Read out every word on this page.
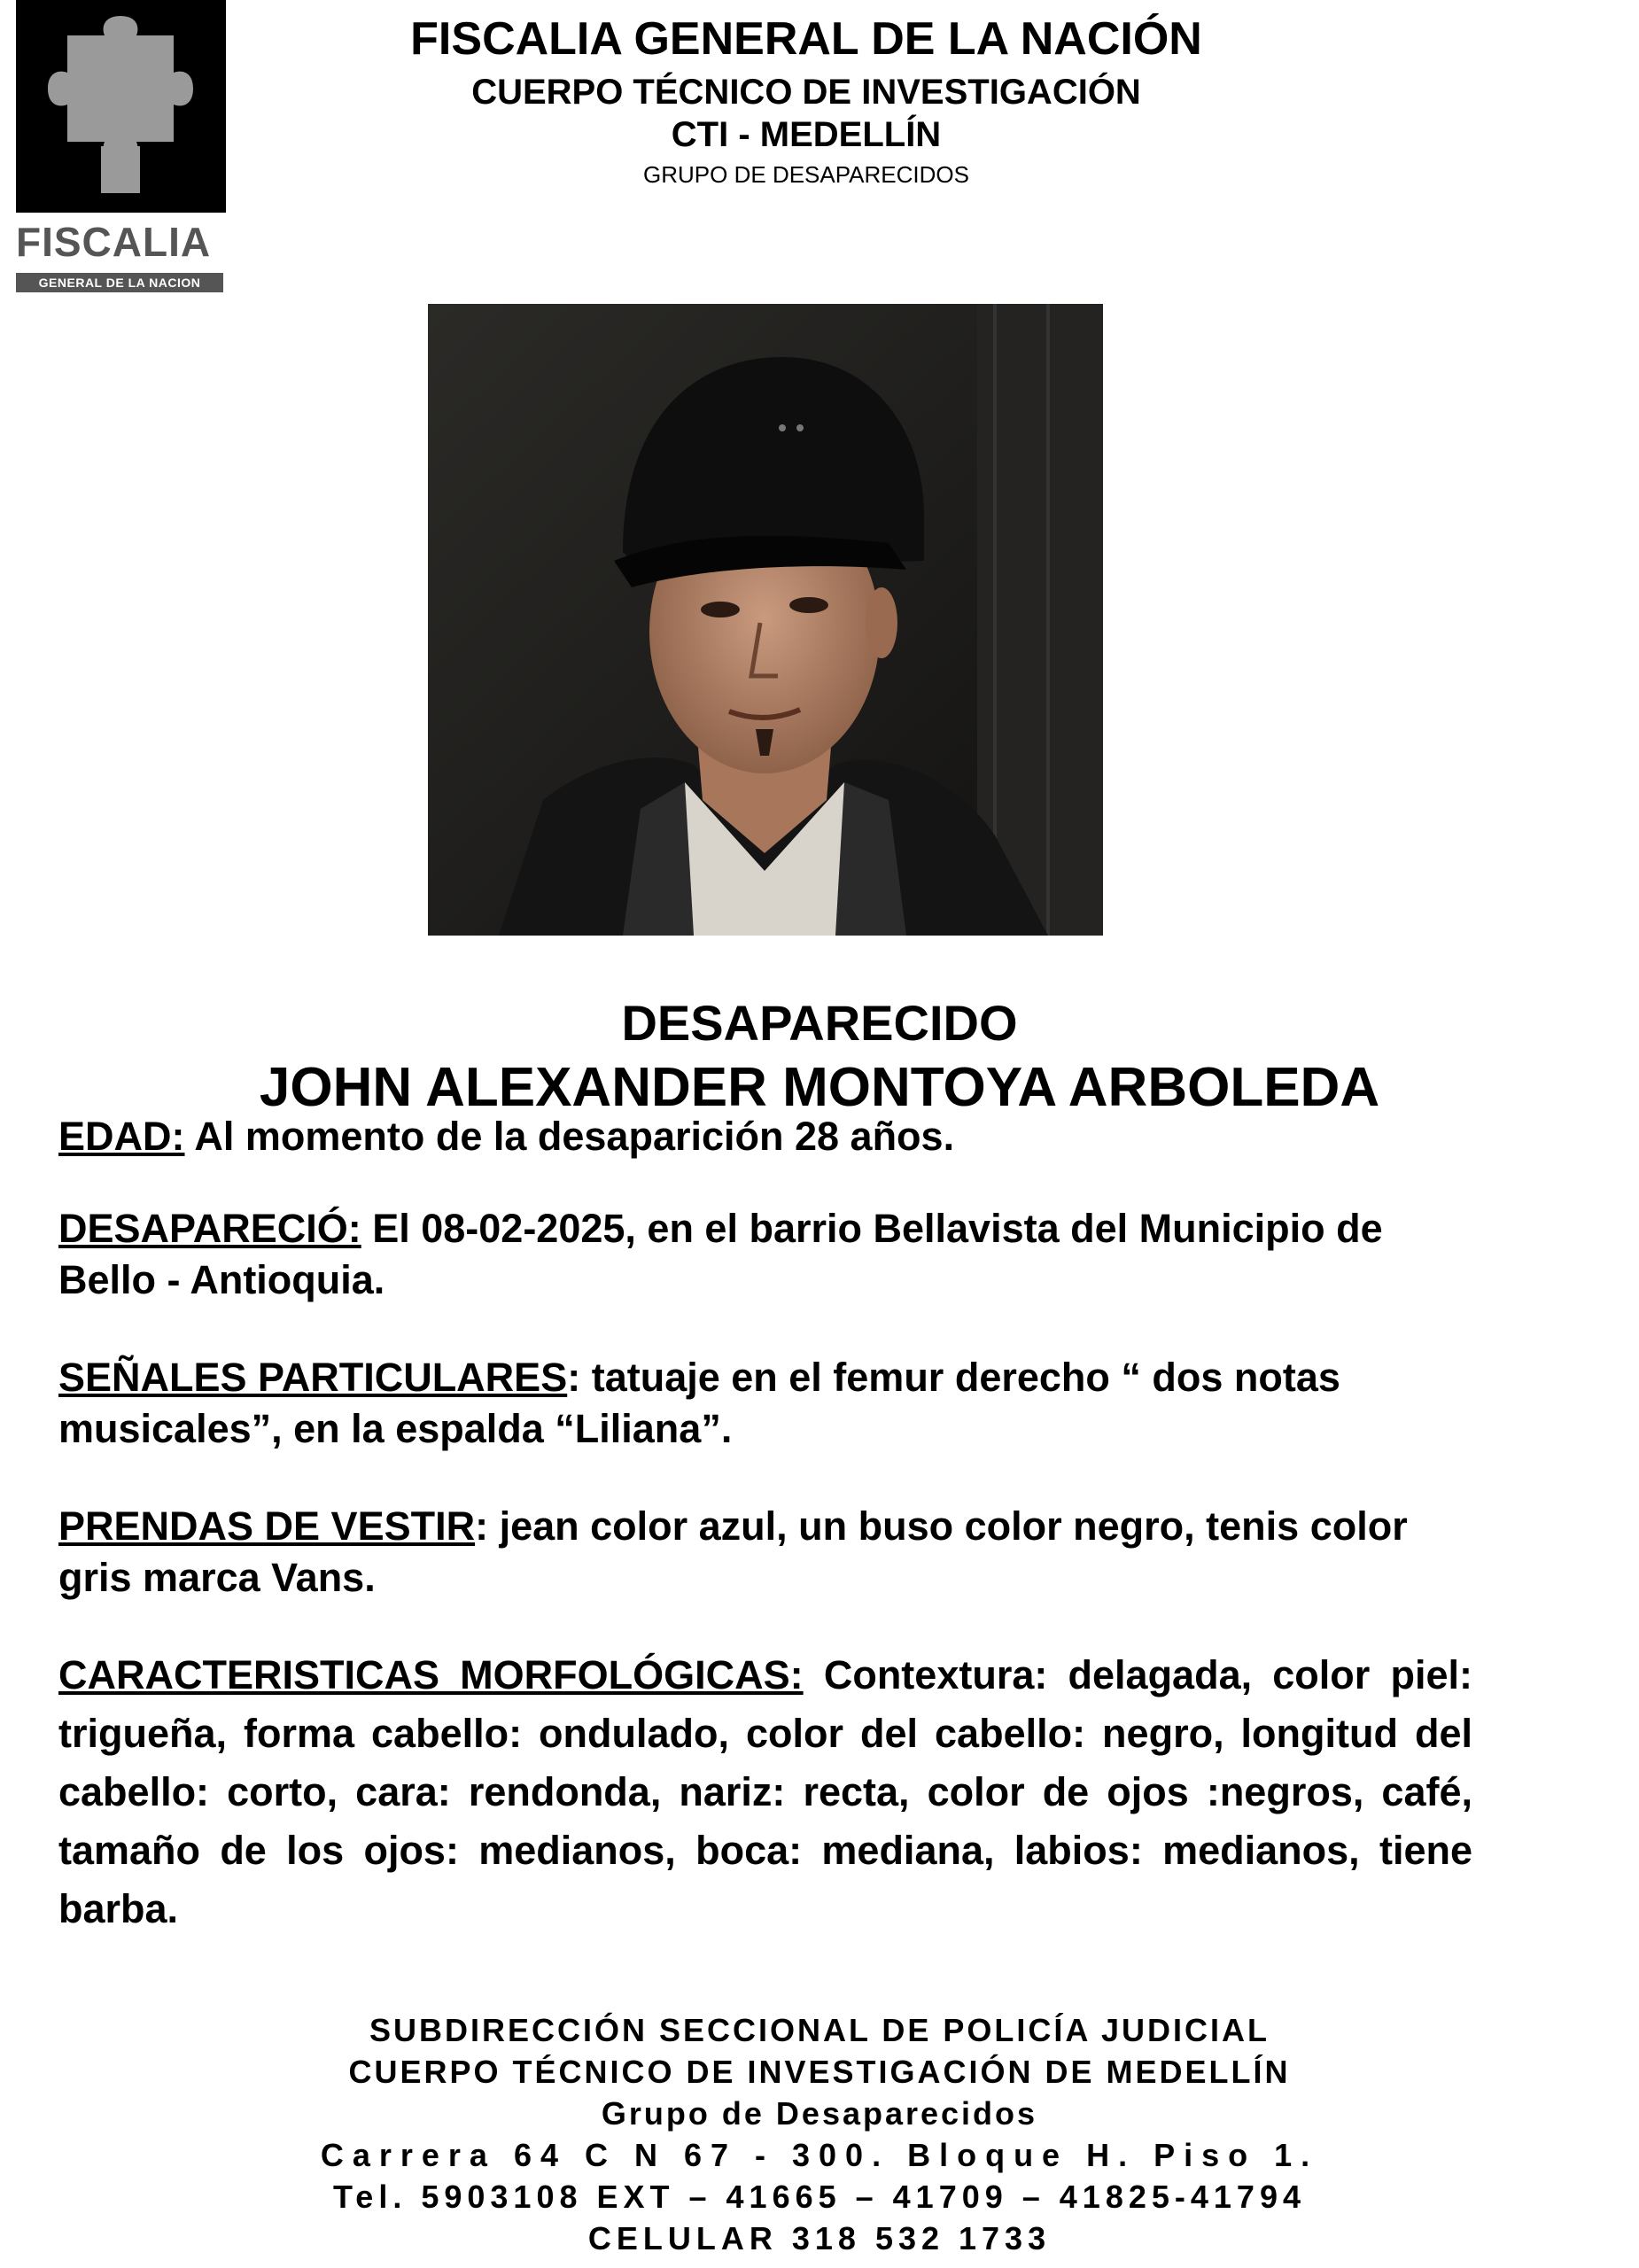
FISCALIA
GENERAL DE LA NACION
FISCALIA GENERAL DE LA NACIÓN
CUERPO TÉCNICO DE INVESTIGACIÓN
CTI - MEDELLÍN
GRUPO DE DESAPARECIDOS
DESAPARECIDO
JOHN ALEXANDER MONTOYA ARBOLEDA
EDAD: Al momento de la desaparición 28 años.
DESAPARECIÓ: El 08-02-2025, en el barrio Bellavista del Municipio de Bello - Antioquia.
SEÑALES PARTICULARES: tatuaje en el femur derecho “ dos notas musicales”, en la espalda “Liliana”.
PRENDAS DE VESTIR: jean color azul, un buso color negro, tenis color gris marca Vans.
CARACTERISTICAS MORFOLÓGICAS: Contextura: delagada, color piel: trigueña, forma cabello: ondulado, color del cabello: negro, longitud del cabello: corto, cara: rendonda, nariz: recta, color de ojos :negros, café, tamaño de los ojos: medianos, boca: mediana, labios: medianos, tiene barba.
SUBDIRECCIÓN SECCIONAL DE POLICÍA JUDICIAL
CUERPO TÉCNICO DE INVESTIGACIÓN DE MEDELLÍN
Grupo de Desaparecidos
Carrera 64 C N 67 - 300. Bloque H. Piso 1.
Tel. 5903108 EXT – 41665 – 41709 – 41825-41794
CELULAR 318 532 1733
